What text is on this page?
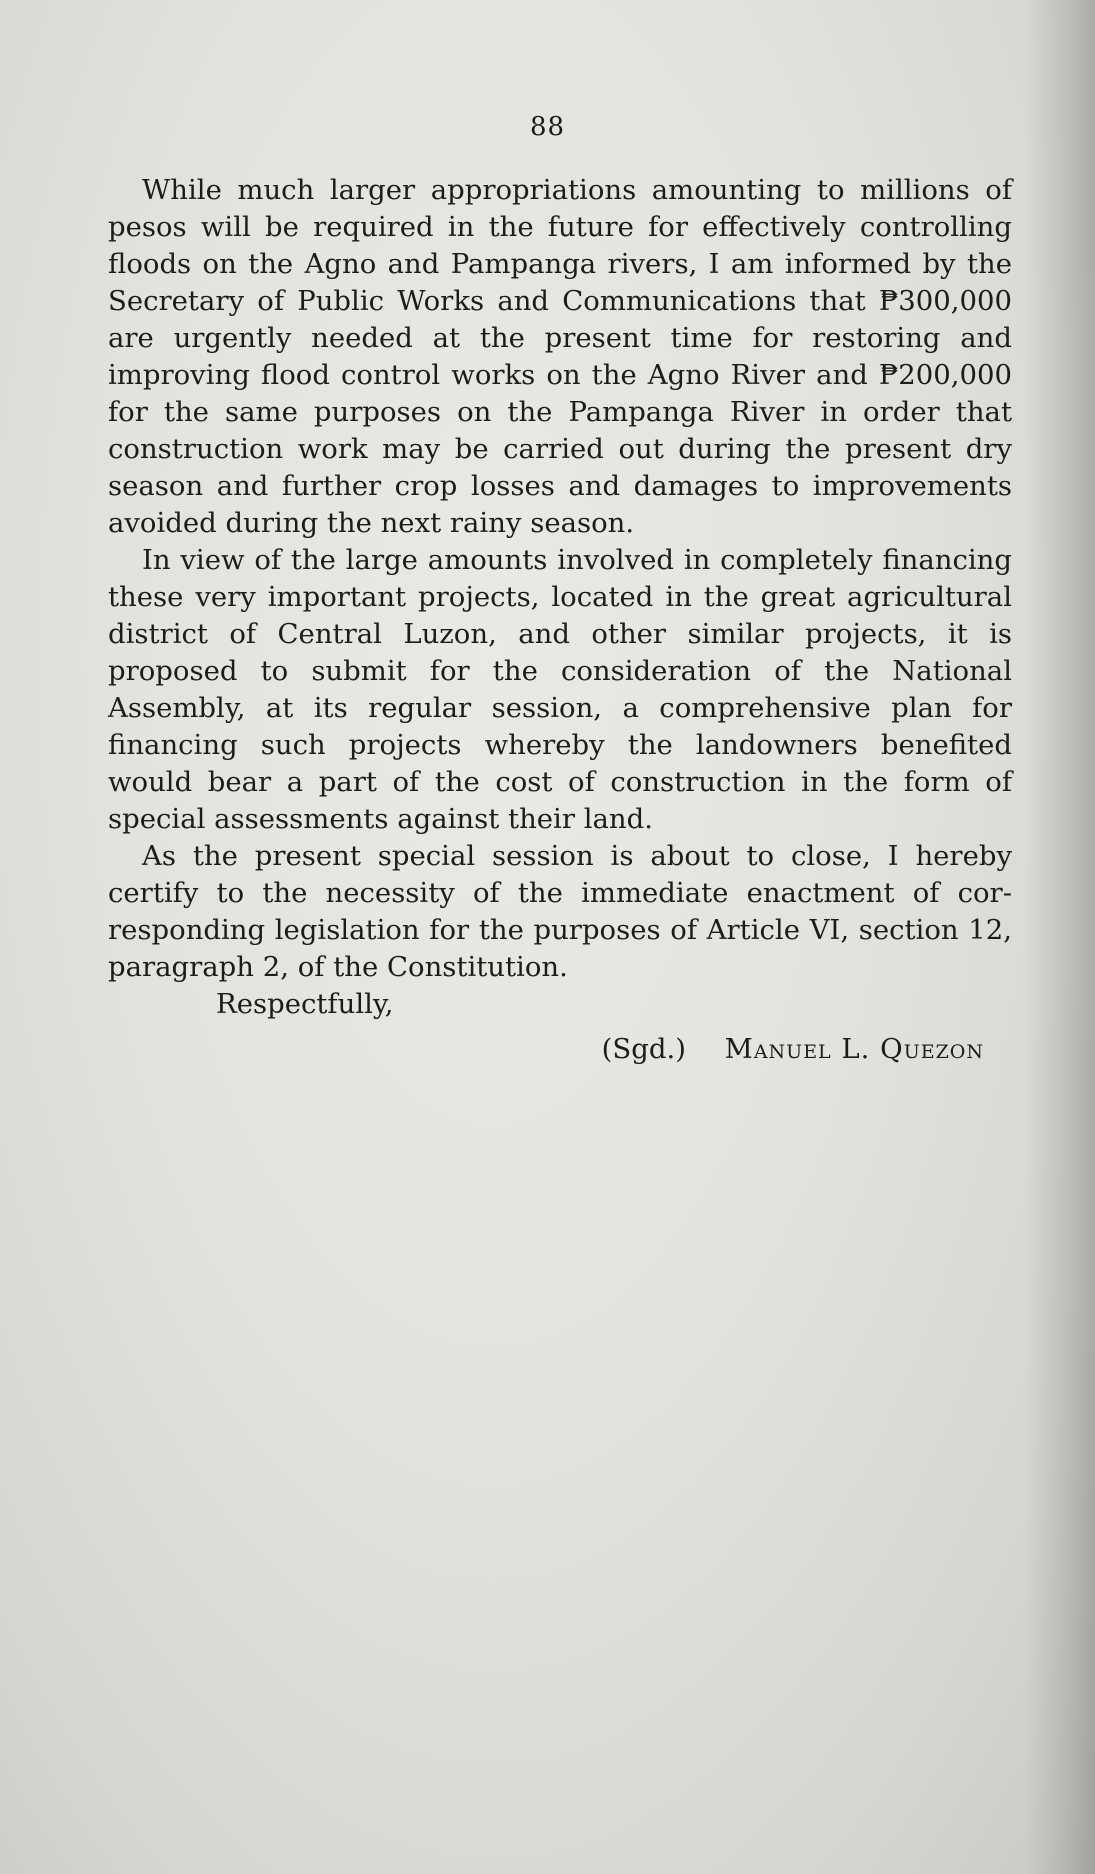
88

While much larger appropriations amounting to millions of pesos will be required in the future for effectively controlling floods on the Agno and Pampanga rivers, I am informed by the Secretary of Public Works and Communications that ₱300,000 are urgently needed at the present time for restoring and improving flood control works on the Agno River and ₱200,000 for the same purposes on the Pampanga River in order that construction work may be carried out during the present dry season and further crop losses and damages to improvements avoided during the next rainy season.

In view of the large amounts involved in completely financing these very important projects, located in the great agricultural district of Central Luzon, and other similar projects, it is proposed to submit for the consideration of the National Assembly, at its regular session, a comprehensive plan for financing such projects whereby the landowners benefited would bear a part of the cost of construction in the form of special assessments against their land.

As the present special session is about to close, I hereby certify to the necessity of the immediate enactment of corresponding legislation for the purposes of Article VI, section 12, paragraph 2, of the Constitution.

Respectfully,
(Sgd.) Manuel L. Quezon
